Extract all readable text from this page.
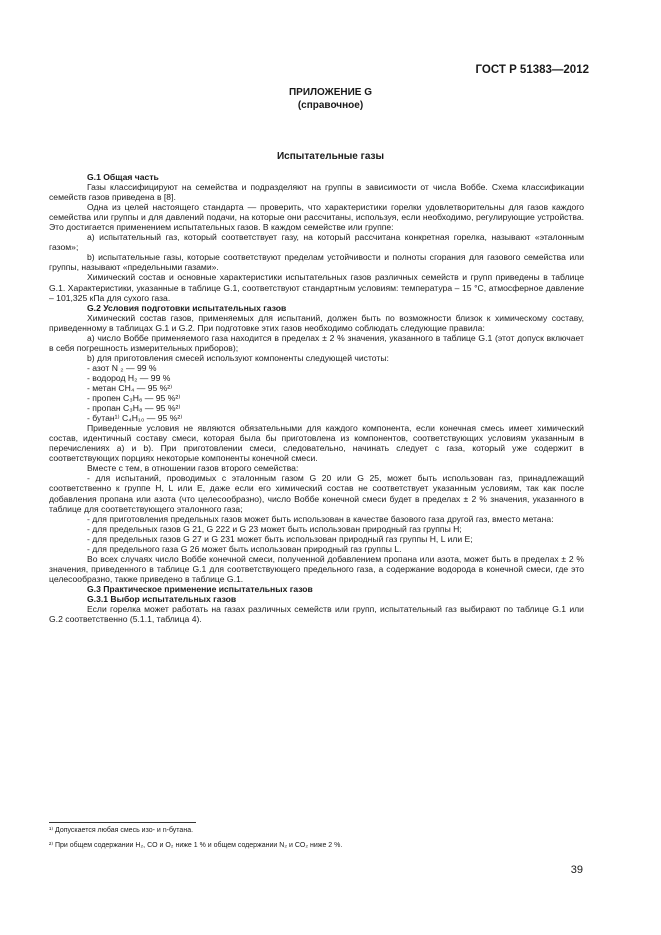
ГОСТ Р 51383—2012
ПРИЛОЖЕНИЕ G
(справочное)
Испытательные газы

G.1 Общая часть

Газы классифицируют на семейства и подразделяют на группы в зависимости от числа Воббе. Схема классификации семейств газов приведена в [8].

Одна из целей настоящего стандарта — проверить, что характеристики горелки удовлетворительны для газов каждого семейства или группы и для давлений подачи, на которые они рассчитаны, используя, если необходимо, регулирующие устройства. Это достигается применением испытательных газов. В каждом семействе или группе:

а) испытательный газ, который соответствует газу, на который рассчитана конкретная горелка, называют «эталонным газом»;

b) испытательные газы, которые соответствуют пределам устойчивости и полноты сгорания для газового семейства или группы, называют «предельными газами».

Химический состав и основные характеристики испытательных газов различных семейств и групп приведены в таблице G.1. Характеристики, указанные в таблице G.1, соответствуют стандартным условиям: температура – 15 °С, атмосферное давление – 101,325 кПа для сухого газа.

G.2 Условия подготовки испытательных газов

Химический состав газов, применяемых для испытаний, должен быть по возможности близок к химическому составу, приведенному в таблицах G.1 и G.2. При подготовке этих газов необходимо соблюдать следующие правила:

а) число Воббе применяемого газа находится в пределах ± 2 % значения, указанного в таблице G.1 (этот допуск включает в себя погрешность измерительных приборов);

b) для приготовления смесей используют компоненты следующей чистоты:

- азот N ₂ — 99 %

- водород H₂ — 99 %

- метан CH₄ — 95 %²⁾

- пропен C₃H₆ — 95 %²⁾

- пропан C₃H₈ — 95 %²⁾

- бутан¹⁾ C₄H₁₀ — 95 %²⁾

Приведенные условия не являются обязательными для каждого компонента, если конечная смесь имеет химический состав, идентичный составу смеси, которая была бы приготовлена из компонентов, соответствующих условиям указанным в перечислениях а) и b). При приготовлении смеси, следовательно, начинать следует с газа, который уже содержит в соответствующих порциях некоторые компоненты конечной смеси.

Вместе с тем, в отношении газов второго семейства:

- для испытаний, проводимых с эталонным газом G 20 или G 25, может быть использован газ, принадлежащий соответственно к группе H, L или E, даже если его химический состав не соответствует указанным условиям, так как после добавления пропана или азота (что целесообразно), число Воббе конечной смеси будет в пределах ± 2 % значения, указанного в таблице для соответствующего эталонного газа;

- для приготовления предельных газов может быть использован в качестве базового газа другой газ, вместо метана:

- для предельных газов G 21, G 222 и G 23 может быть использован природный газ группы H;

- для предельных газов G 27 и G 231 может быть использован природный газ группы H, L или E;

- для предельного газа G 26 может быть использован природный газ группы L.

Во всех случаях число Воббе конечной смеси, полученной добавлением пропана или азота, может быть в пределах ± 2 % значения, приведенного в таблице G.1 для соответствующего предельного газа, а содержание водорода в конечной смеси, где это целесообразно, также приведено в таблице G.1.

G.3 Практическое применение испытательных газов

G.3.1 Выбор испытательных газов

Если горелка может работать на газах различных семейств или групп, испытательный газ выбирают по таблице G.1 или G.2 соответственно (5.1.1, таблица 4).

¹⁾ Допускается любая смесь изо- и n-бутана.
²⁾ При общем содержании H₂, CO и O₂ ниже 1 % и общем содержании N₂ и CO₂ ниже 2 %.
39
